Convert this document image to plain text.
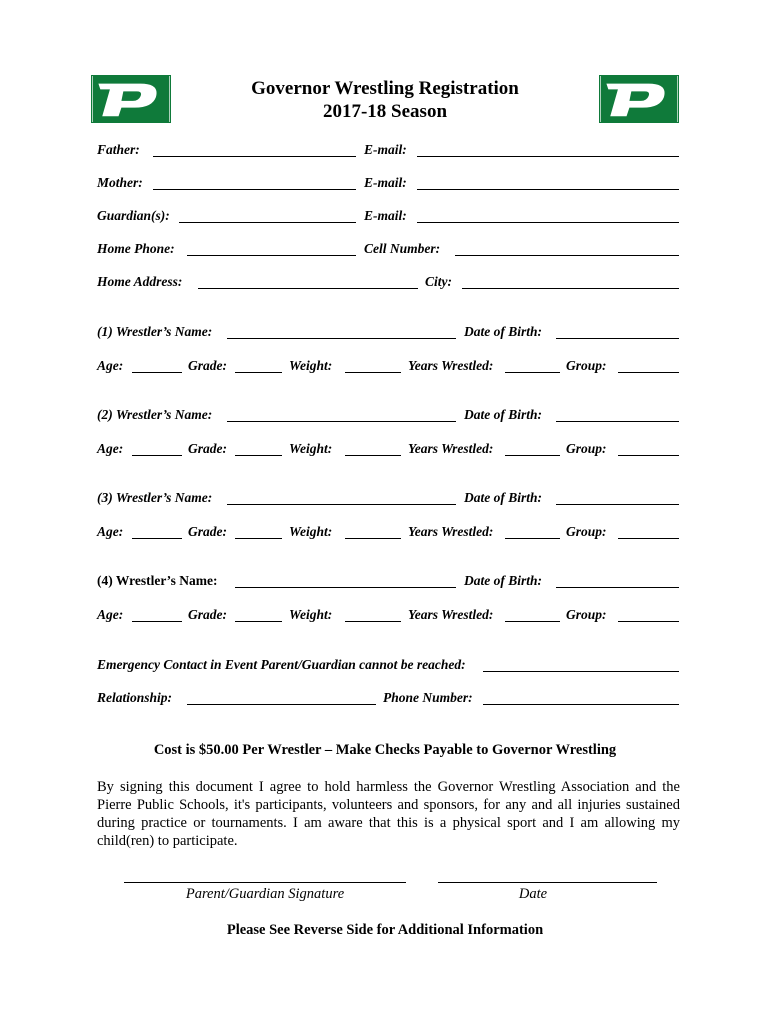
Governor Wrestling Registration
2017-18 Season
Father:	E-mail:
Mother:	E-mail:
Guardian(s):	E-mail:
Home Phone:	Cell Number:
Home Address:	City:
(1) Wrestler’s Name:	Date of Birth:
Age:	Grade:	Weight:	Years Wrestled:	Group:
(2) Wrestler’s Name:	Date of Birth:
Age:	Grade:	Weight:	Years Wrestled:	Group:
(3) Wrestler’s Name:	Date of Birth:
Age:	Grade:	Weight:	Years Wrestled:	Group:
(4) Wrestler’s Name:	Date of Birth:
Age:	Grade:	Weight:	Years Wrestled:	Group:
Emergency Contact in Event Parent/Guardian cannot be reached:
Relationship:	Phone Number:
Cost is $50.00 Per Wrestler – Make Checks Payable to Governor Wrestling
By signing this document I agree to hold harmless the Governor Wrestling Association and the Pierre Public Schools, it's participants, volunteers and sponsors, for any and all injuries sustained during practice or tournaments. I am aware that this is a physical sport and I am allowing my child(ren) to participate.
Parent/Guardian Signature	Date
Please See Reverse Side for Additional Information
